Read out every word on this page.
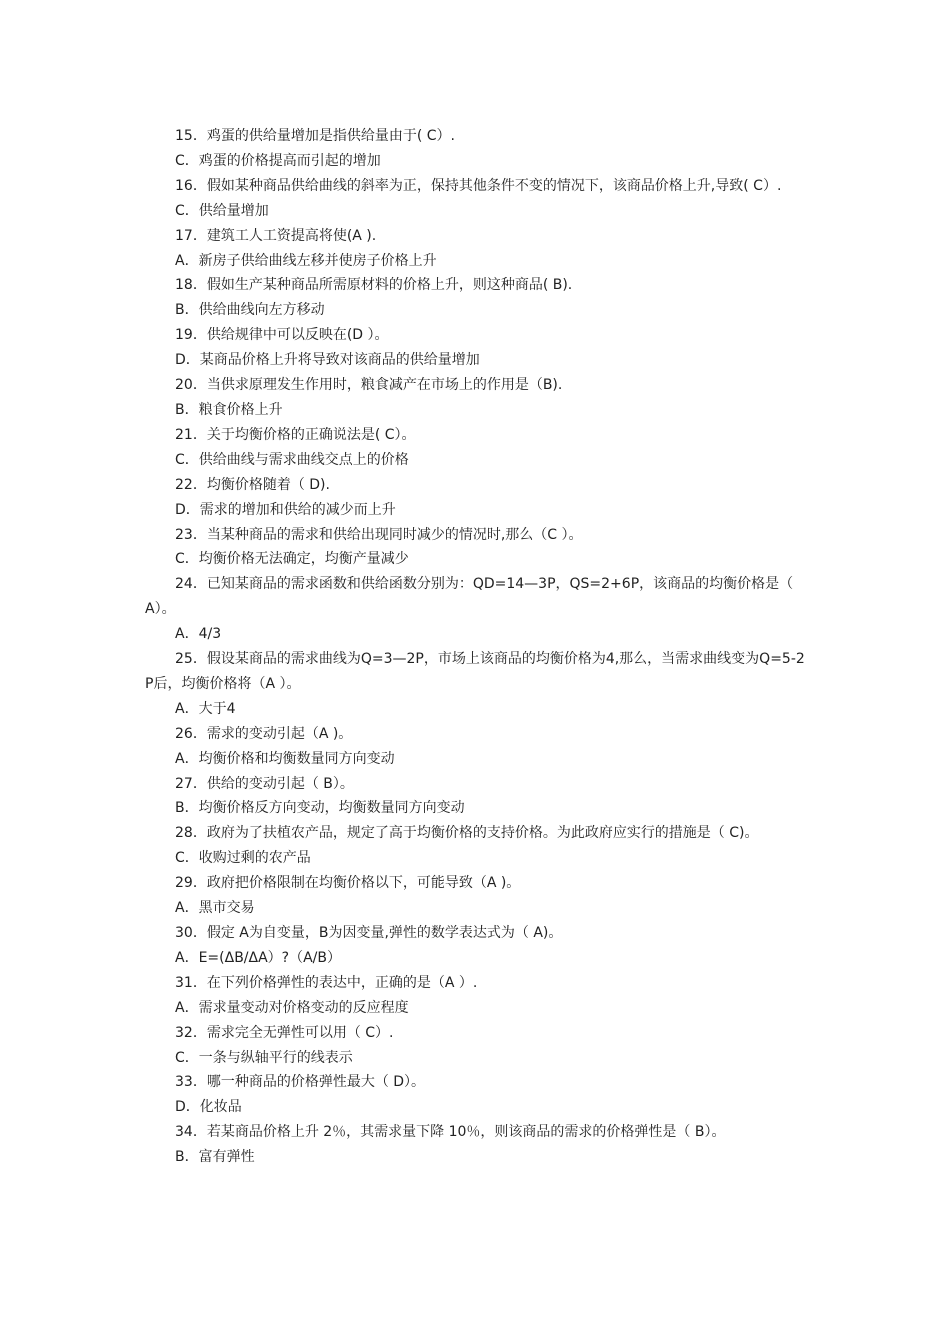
15．鸡蛋的供给量增加是指供给量由于( C）.

C．鸡蛋的价格提高而引起的增加

16．假如某种商品供给曲线的斜率为正，保持其他条件不变的情况下，该商品价格上升,导致( C）.

C．供给量增加

17．建筑工人工资提高将使(A ).

A．新房子供给曲线左移并使房子价格上升

18．假如生产某种商品所需原材料的价格上升，则这种商品( B).

B．供给曲线向左方移动

19．供给规律中可以反映在(D ）。

D．某商品价格上升将导致对该商品的供给量增加

20．当供求原理发生作用时，粮食减产在市场上的作用是（B).

B．粮食价格上升

21．关于均衡价格的正确说法是( C）。

C．供给曲线与需求曲线交点上的价格

22．均衡价格随着（ D).

D．需求的增加和供给的减少而上升

23．当某种商品的需求和供给出现同时减少的情况时,那么（C ）。

C．均衡价格无法确定，均衡产量减少

24．已知某商品的需求函数和供给函数分别为：QD=14—3P，QS=2+6P，该商品的均衡价格是（ A）。

A．4/3

25．假设某商品的需求曲线为Q=3—2P，市场上该商品的均衡价格为4,那么，当需求曲线变为Q=5-2P后，均衡价格将（A ）。

A．大于4

26．需求的变动引起（A )。

A．均衡价格和均衡数量同方向变动

27．供给的变动引起（ B）。

B．均衡价格反方向变动，均衡数量同方向变动

28．政府为了扶植农产品，规定了高于均衡价格的支持价格。为此政府应实行的措施是（ C)。

C．收购过剩的农产品

29．政府把价格限制在均衡价格以下，可能导致（A )。

A．黑市交易

30．假定 A为自变量，B为因变量,弹性的数学表达式为（ A)。

A．E=(ΔB/ΔA）?（A/B）

31．在下列价格弹性的表达中，正确的是（A ）.

A．需求量变动对价格变动的反应程度

32．需求完全无弹性可以用（ C）.

C．一条与纵轴平行的线表示

33．哪一种商品的价格弹性最大（ D）。

D．化妆品

34．若某商品价格上升 2％，其需求量下降 10％，则该商品的需求的价格弹性是（ B）。

B．富有弹性
